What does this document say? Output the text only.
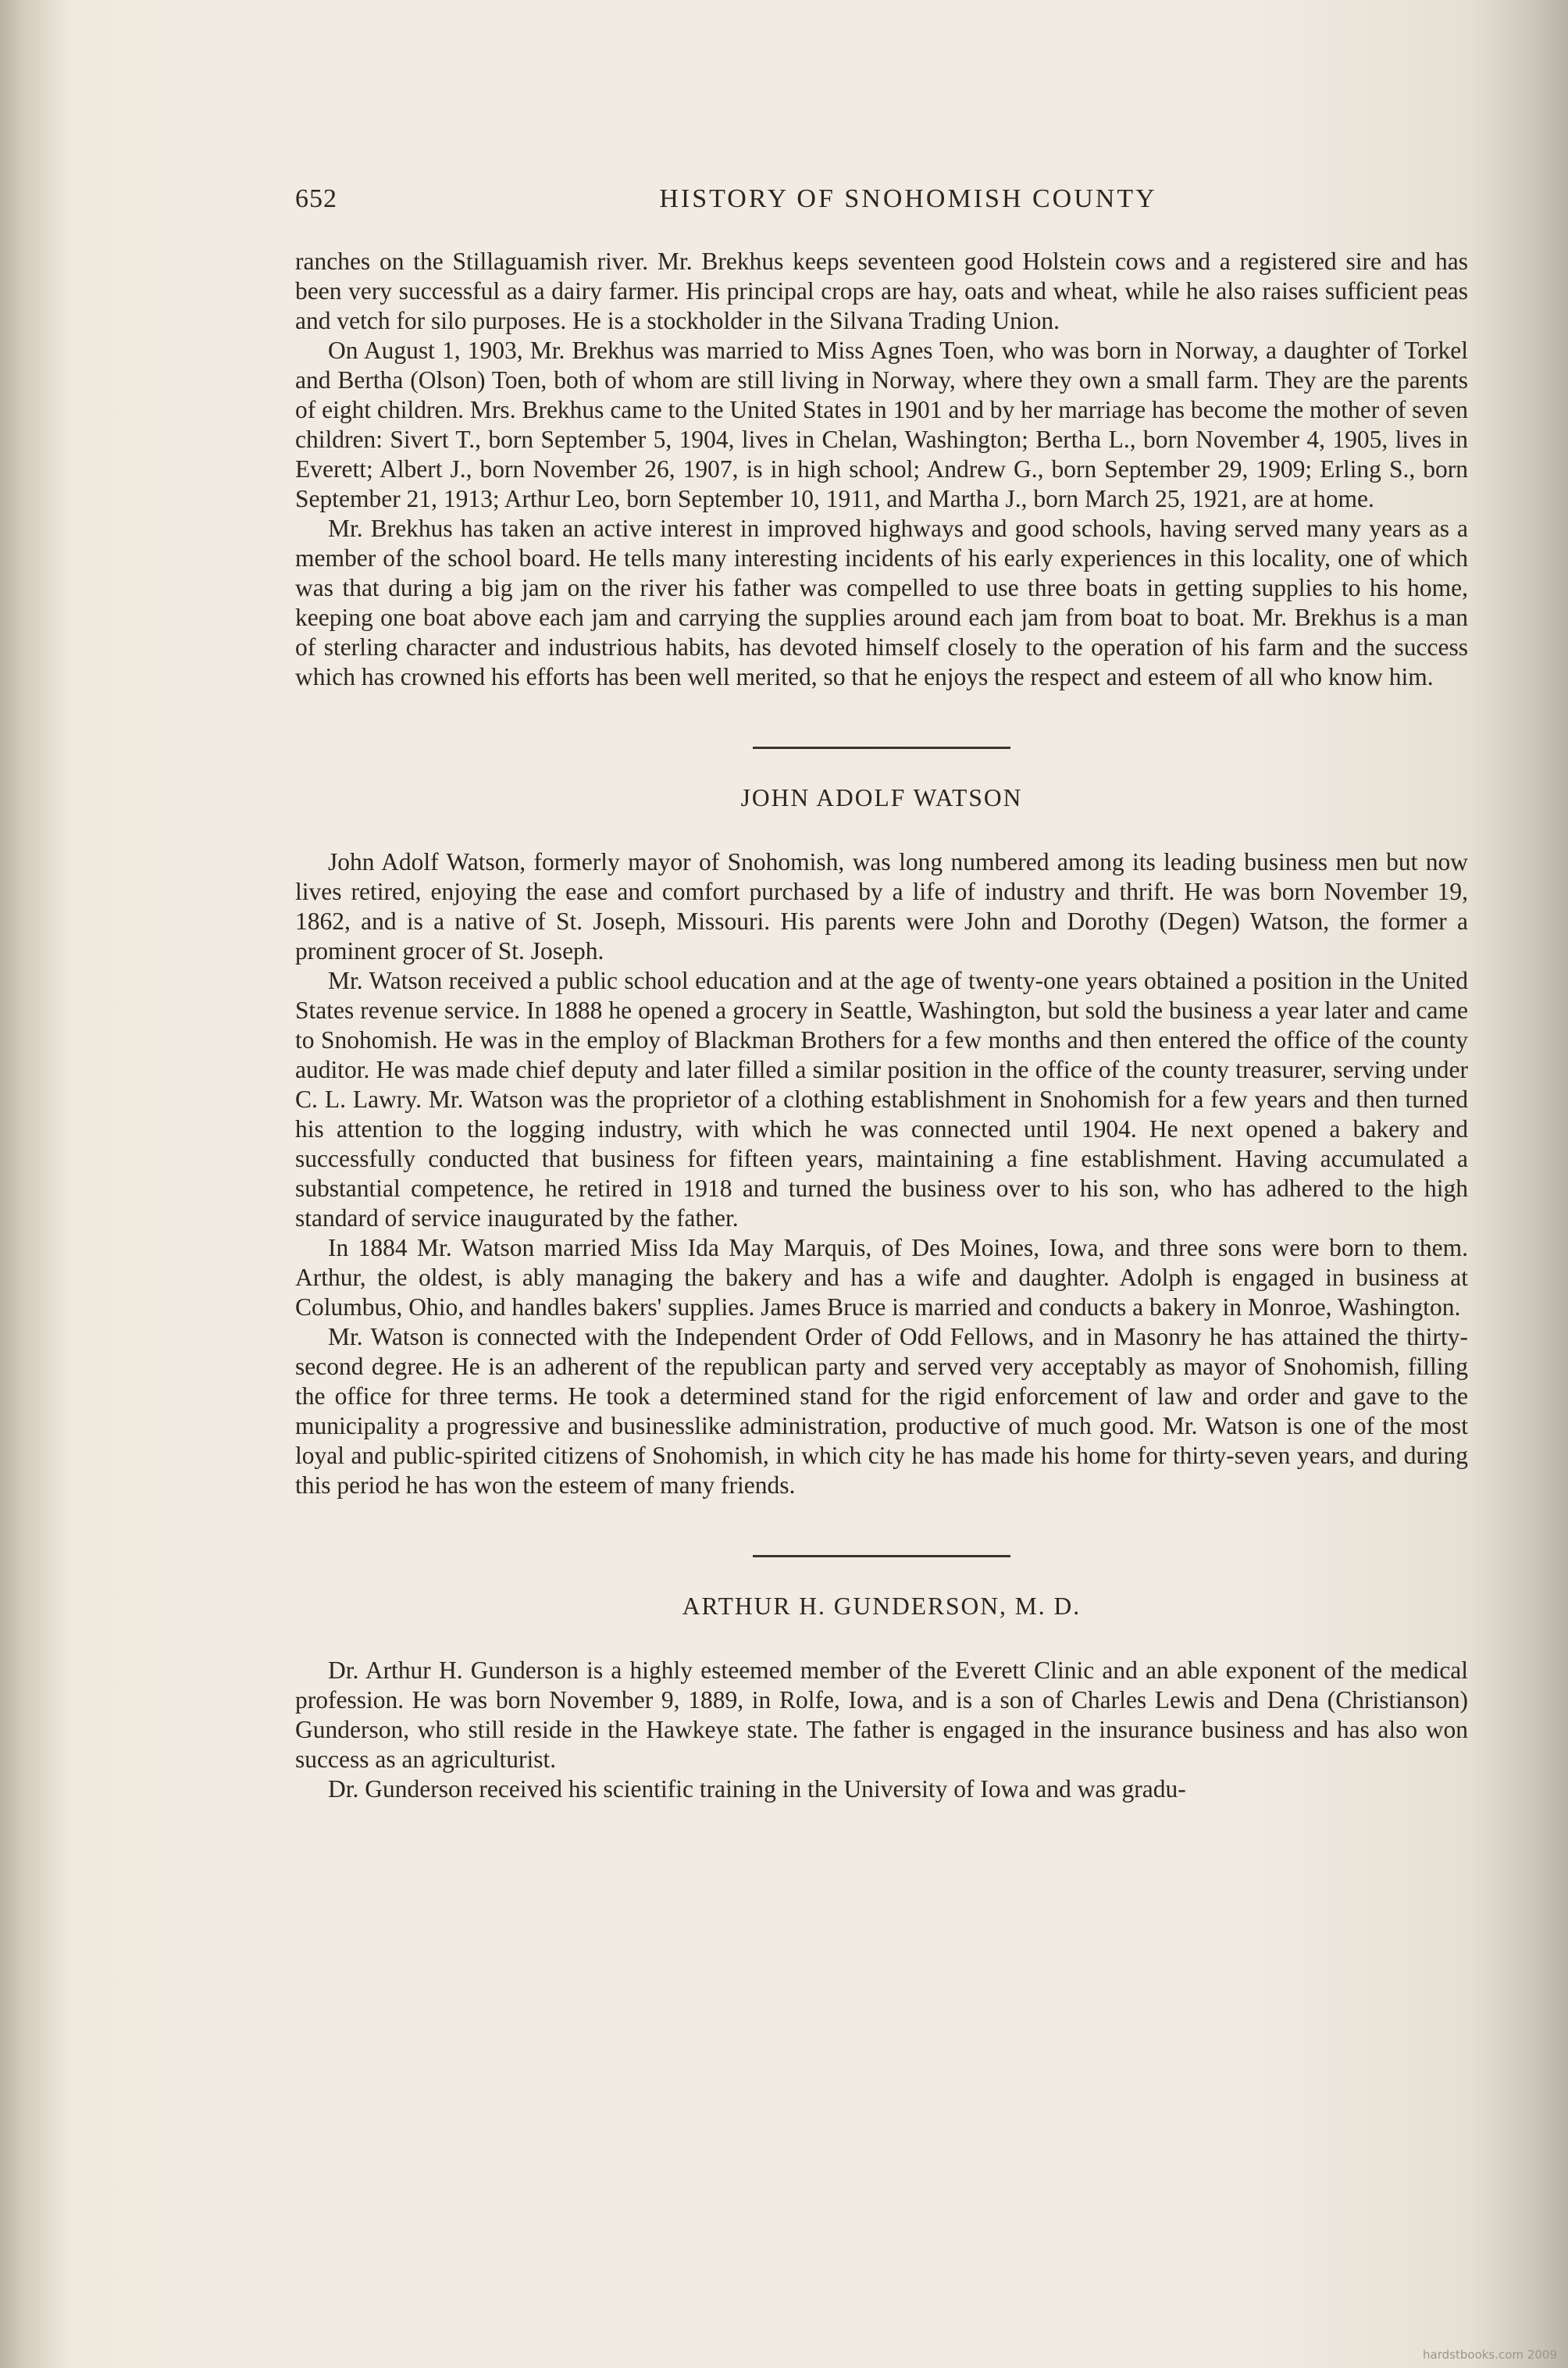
652	HISTORY OF SNOHOMISH COUNTY

ranches on the Stillaguamish river. Mr. Brekhus keeps seventeen good Holstein cows and a registered sire and has been very successful as a dairy farmer. His principal crops are hay, oats and wheat, while he also raises sufficient peas and vetch for silo purposes. He is a stockholder in the Silvana Trading Union.

On August 1, 1903, Mr. Brekhus was married to Miss Agnes Toen, who was born in Norway, a daughter of Torkel and Bertha (Olson) Toen, both of whom are still living in Norway, where they own a small farm. They are the parents of eight children. Mrs. Brekhus came to the United States in 1901 and by her marriage has become the mother of seven children: Sivert T., born September 5, 1904, lives in Chelan, Washington; Bertha L., born November 4, 1905, lives in Everett; Albert J., born November 26, 1907, is in high school; Andrew G., born September 29, 1909; Erling S., born September 21, 1913; Arthur Leo, born September 10, 1911, and Martha J., born March 25, 1921, are at home.

Mr. Brekhus has taken an active interest in improved highways and good schools, having served many years as a member of the school board. He tells many interesting incidents of his early experiences in this locality, one of which was that during a big jam on the river his father was compelled to use three boats in getting supplies to his home, keeping one boat above each jam and carrying the supplies around each jam from boat to boat. Mr. Brekhus is a man of sterling character and industrious habits, has devoted himself closely to the operation of his farm and the success which has crowned his efforts has been well merited, so that he enjoys the respect and esteem of all who know him.

JOHN ADOLF WATSON

John Adolf Watson, formerly mayor of Snohomish, was long numbered among its leading business men but now lives retired, enjoying the ease and comfort purchased by a life of industry and thrift. He was born November 19, 1862, and is a native of St. Joseph, Missouri. His parents were John and Dorothy (Degen) Watson, the former a prominent grocer of St. Joseph.

Mr. Watson received a public school education and at the age of twenty-one years obtained a position in the United States revenue service. In 1888 he opened a grocery in Seattle, Washington, but sold the business a year later and came to Snohomish. He was in the employ of Blackman Brothers for a few months and then entered the office of the county auditor. He was made chief deputy and later filled a similar position in the office of the county treasurer, serving under C. L. Lawry. Mr. Watson was the proprietor of a clothing establishment in Snohomish for a few years and then turned his attention to the logging industry, with which he was connected until 1904. He next opened a bakery and successfully conducted that business for fifteen years, maintaining a fine establishment. Having accumulated a substantial competence, he retired in 1918 and turned the business over to his son, who has adhered to the high standard of service inaugurated by the father.

In 1884 Mr. Watson married Miss Ida May Marquis, of Des Moines, Iowa, and three sons were born to them. Arthur, the oldest, is ably managing the bakery and has a wife and daughter. Adolph is engaged in business at Columbus, Ohio, and handles bakers' supplies. James Bruce is married and conducts a bakery in Monroe, Washington.

Mr. Watson is connected with the Independent Order of Odd Fellows, and in Masonry he has attained the thirty-second degree. He is an adherent of the republican party and served very acceptably as mayor of Snohomish, filling the office for three terms. He took a determined stand for the rigid enforcement of law and order and gave to the municipality a progressive and businesslike administration, productive of much good. Mr. Watson is one of the most loyal and public-spirited citizens of Snohomish, in which city he has made his home for thirty-seven years, and during this period he has won the esteem of many friends.

ARTHUR H. GUNDERSON, M. D.

Dr. Arthur H. Gunderson is a highly esteemed member of the Everett Clinic and an able exponent of the medical profession. He was born November 9, 1889, in Rolfe, Iowa, and is a son of Charles Lewis and Dena (Christianson) Gunderson, who still reside in the Hawkeye state. The father is engaged in the insurance business and has also won success as an agriculturist.

Dr. Gunderson received his scientific training in the University of Iowa and was gradu-

hardstbooks.com 2009
